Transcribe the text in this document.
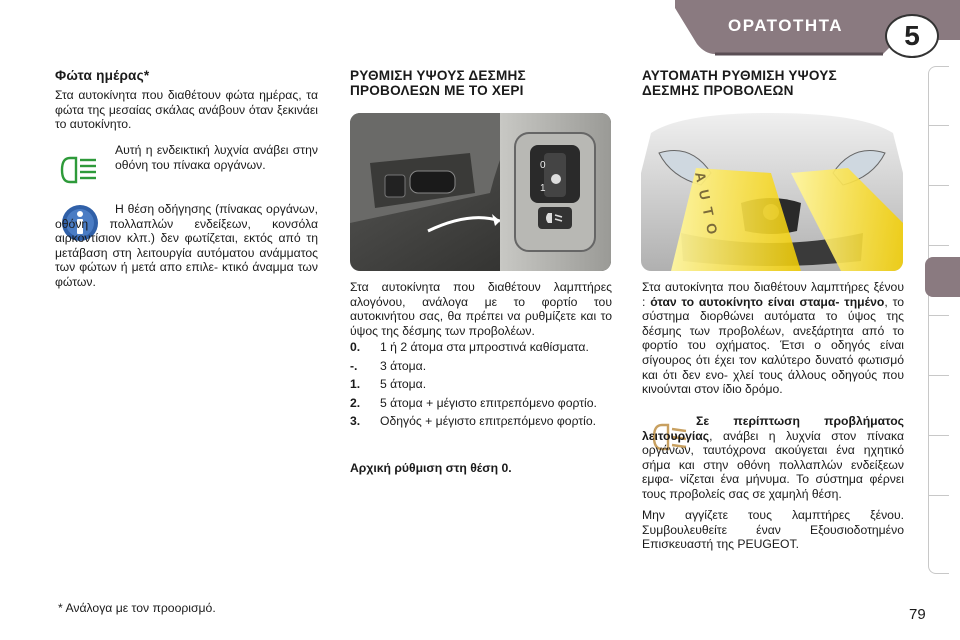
ΟΡΑΤΟΤΗΤΑ	5
Φώτα ημέρας*

Στα αυτοκίνητα που διαθέτουν φώτα ημέρας, τα φώτα της μεσαίας σκάλας ανάβουν όταν ξεκινάει το αυτοκίνητο.

Αυτή η ενδεικτική λυχνία ανάβει στην οθόνη του πίνακα οργάνων.

Η θέση οδήγησης (πίνακας οργάνων, οθόνη πολλαπλών ενδείξεων, κονσόλα αιρκοντίσιον κλπ.) δεν φωτίζεται, εκτός από τη μετάβαση στη λειτουργία αυτόματου ανάμματος των φώτων ή μετά απο επιλε- κτικό άναμμα των φώτων.

* Ανάλογα με τον προορισμό.
ΡΥΘΜΙΣΗ ΥΨΟΥΣ ΔΕΣΜΗΣ
ΠΡΟΒΟΛΕΩΝ ΜΕ ΤΟ ΧΕΡΙ
0
1

Στα αυτοκίνητα που διαθέτουν λαμπτήρες αλογόνου, ανάλογα με το φορτίο του αυτοκινήτου σας, θα πρέπει να ρυθμίζετε και το ύψος της δέσμης των προβολέων.

0. 1 ή 2 άτομα στα μπροστινά καθίσματα.
-. 3 άτομα.
1. 5 άτομα.
2. 5 άτομα + μέγιστο επιτρεπόμενο φορτίο.
3. Οδηγός + μέγιστο επιτρεπόμενο φορτίο.
Αρχική ρύθμιση στη θέση 0.
ΑΥΤΟΜΑΤΗ ΡΥΘΜΙΣΗ ΥΨΟΥΣ
ΔΕΣΜΗΣ ΠΡΟΒΟΛΕΩΝ
AUTO

Στα αυτοκίνητα που διαθέτουν λαμπτήρες ξένου : όταν το αυτοκίνητο είναι σταμα- τημένο, το σύστημα διορθώνει αυτόματα το ύψος της δέσμης των προβολέων, ανεξάρτητα από το φορτίο του οχήματος. Έτσι ο οδηγός είναι σίγουρος ότι έχει τον καλύτερο δυνατό φωτισμό και ότι δεν ενο- χλεί τους άλλους οδηγούς που κινούνται στον ίδιο δρόμο.

Σε περίπτωση προβλήματος λειτουργίας, ανάβει η λυχνία στον πίνακα οργάνων, ταυτόχρονα ακούγεται ένα ηχητικό σήμα και στην οθόνη πολλαπλών ενδείξεων εμφα- νίζεται ένα μήνυμα. Το σύστημα φέρνει τους προβολείς σας σε χαμηλή θέση.

Μην αγγίζετε τους λαμπτήρες ξένου. Συμβουλευθείτε έναν Εξουσιοδοτημένο Επισκευαστή της PEUGEOT.

79
